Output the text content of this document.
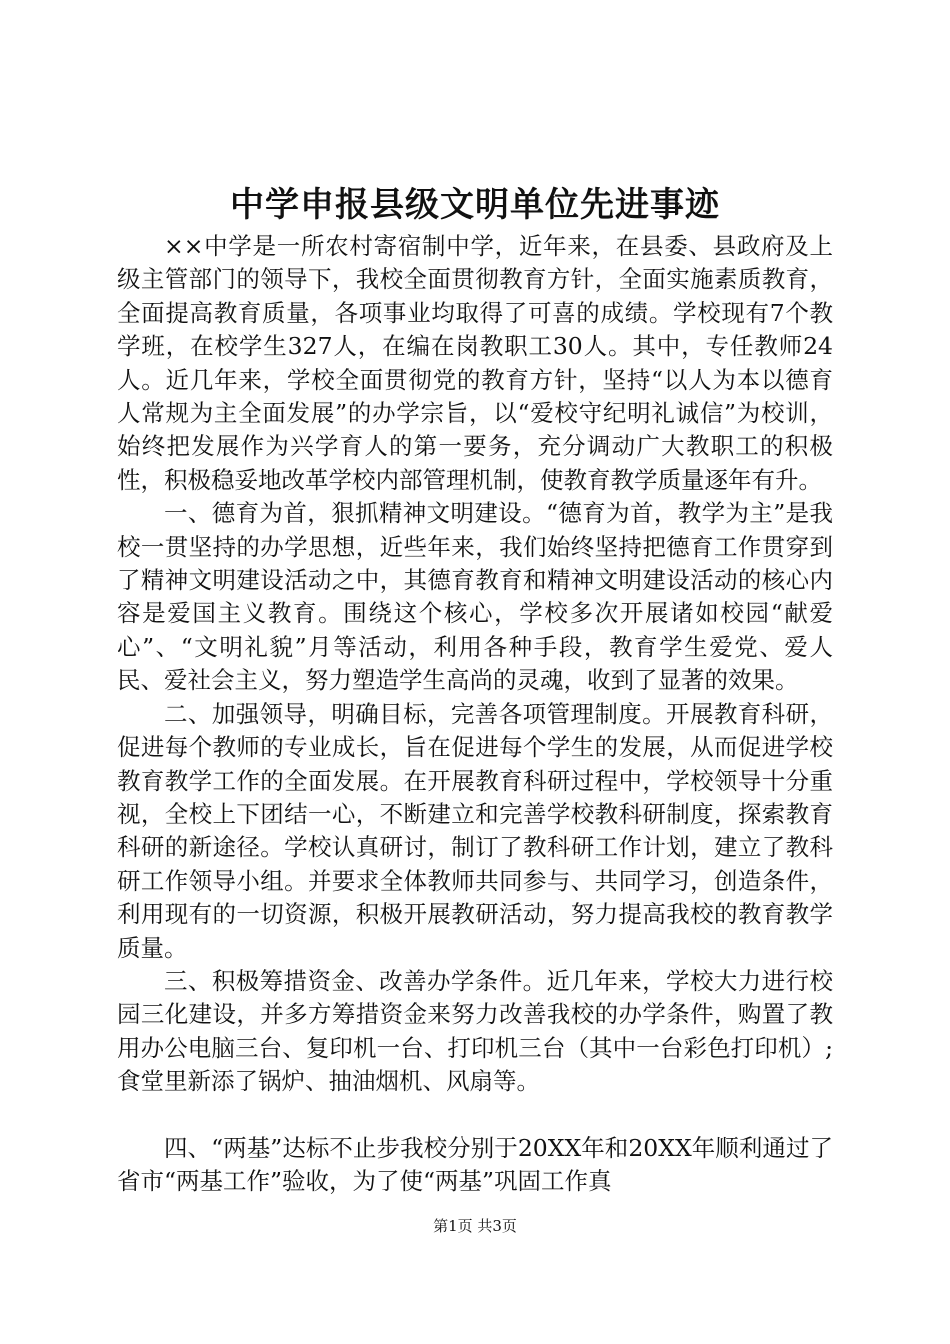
中学申报县级文明单位先进事迹

××中学是一所农村寄宿制中学，近年来，在县委、县政府及上级主管部门的领导下，我校全面贯彻教育方针，全面实施素质教育，全面提高教育质量，各项事业均取得了可喜的成绩。学校现有7个教学班，在校学生327人，在编在岗教职工30人。其中，专任教师24人。近几年来，学校全面贯彻党的教育方针，坚持“以人为本以德育人常规为主全面发展”的办学宗旨，以“爱校守纪明礼诚信”为校训，始终把发展作为兴学育人的第一要务，充分调动广大教职工的积极性，积极稳妥地改革学校内部管理机制，使教育教学质量逐年有升。

一、德育为首，狠抓精神文明建设。“德育为首，教学为主”是我校一贯坚持的办学思想，近些年来，我们始终坚持把德育工作贯穿到了精神文明建设活动之中，其德育教育和精神文明建设活动的核心内容是爱国主义教育。围绕这个核心，学校多次开展诸如校园“献爱心”、“文明礼貌”月等活动，利用各种手段，教育学生爱党、爱人民、爱社会主义，努力塑造学生高尚的灵魂，收到了显著的效果。

二、加强领导，明确目标，完善各项管理制度。开展教育科研，促进每个教师的专业成长，旨在促进每个学生的发展，从而促进学校教育教学工作的全面发展。在开展教育科研过程中，学校领导十分重视，全校上下团结一心，不断建立和完善学校教科研制度，探索教育科研的新途径。学校认真研讨，制订了教科研工作计划，建立了教科研工作领导小组。并要求全体教师共同参与、共同学习，创造条件，利用现有的一切资源，积极开展教研活动，努力提高我校的教育教学质量。

三、积极筹措资金、改善办学条件。近几年来，学校大力进行校园三化建设，并多方筹措资金来努力改善我校的办学条件，购置了教用办公电脑三台、复印机一台、打印机三台（其中一台彩色打印机）;食堂里新添了锅炉、抽油烟机、风扇等。

四、“两基”达标不止步我校分别于20XX年和20XX年顺利通过了省市“两基工作”验收，为了使“两基”巩固工作真

第1页 共3页
